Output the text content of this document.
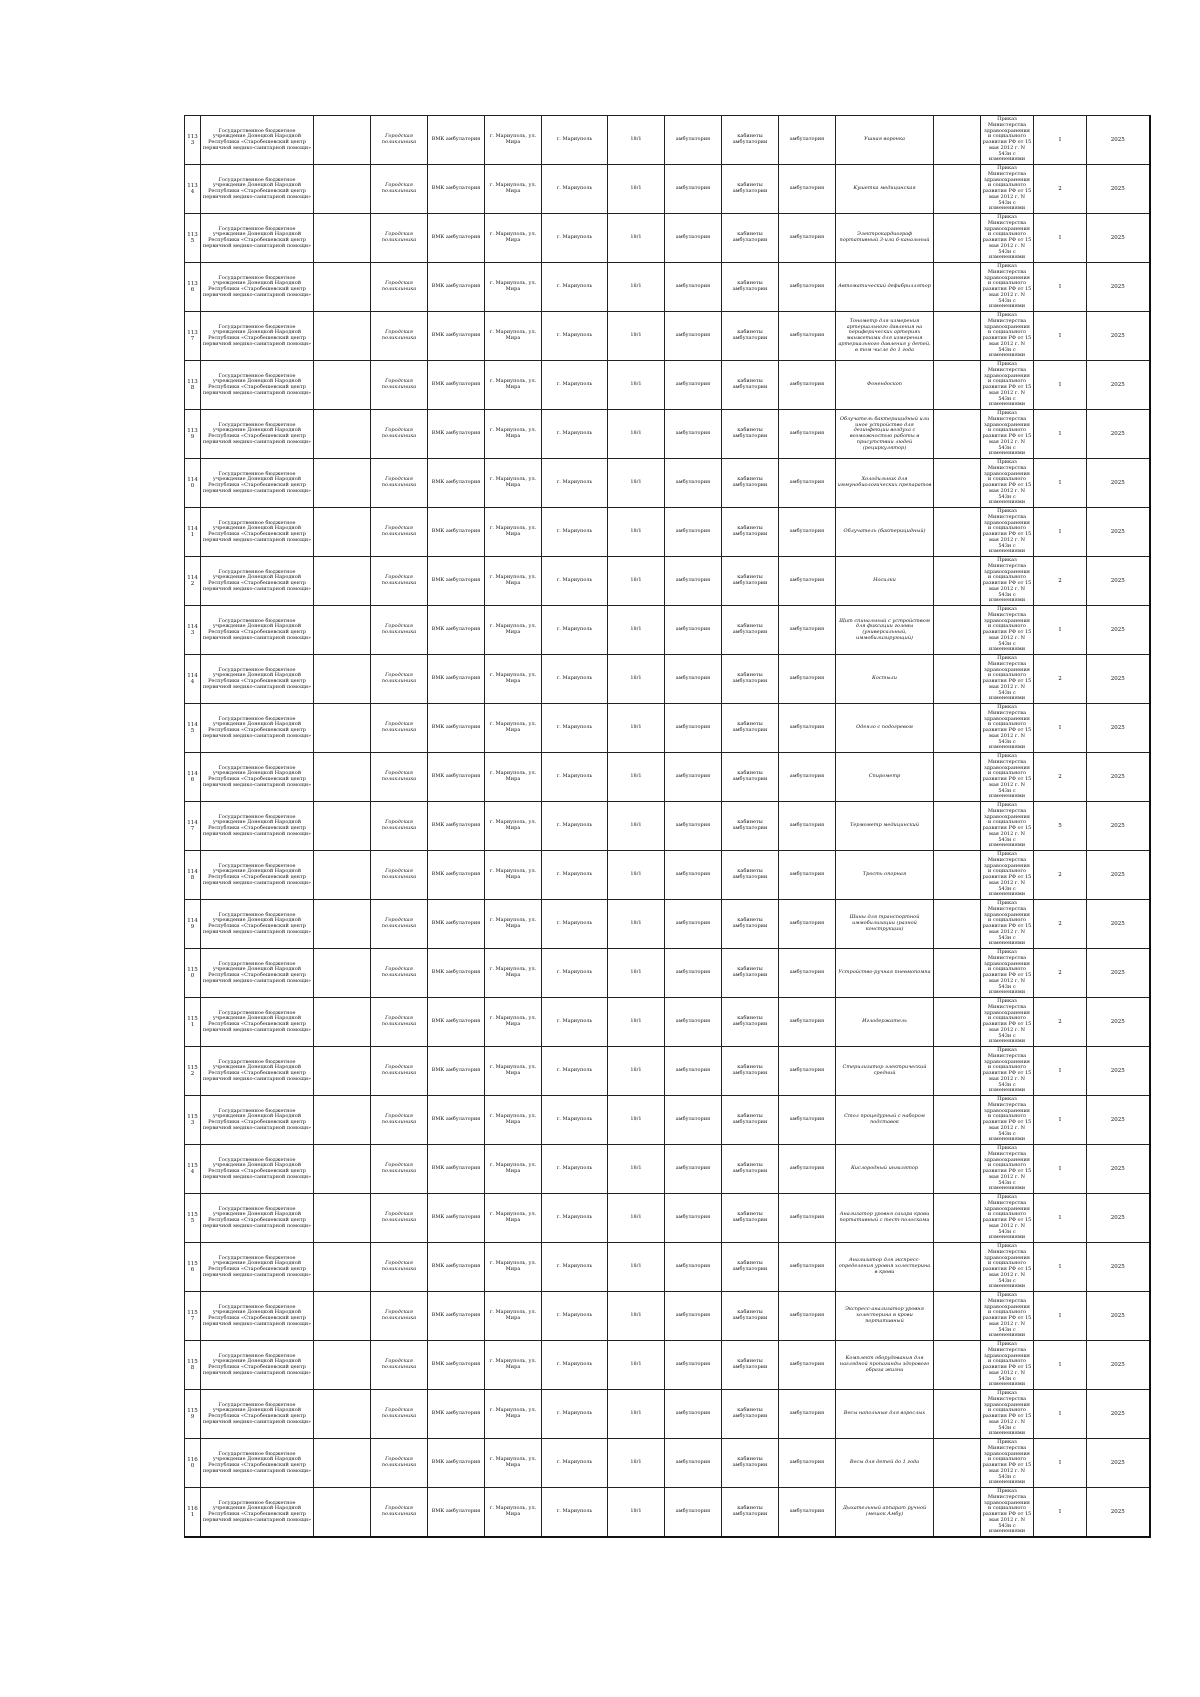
1133	Государственное бюджетное учреждение Донецкой Народной Республики «Старобешевский центр первичной медико-санитарной помощи»		Городская поликлиника	ВМК амбулатория	г. Мариуполь, ул. Мира	г. Мариуполь	18/1	амбулатория	кабинеты амбулатории	амбулатория	Ушная воронка		Приказ Министерства здравоохранения и социального развития РФ от 15 мая 2012 г. N 543н с изменениями	1	2025
1134	Государственное бюджетное учреждение Донецкой Народной Республики «Старобешевский центр первичной медико-санитарной помощи»		Городская поликлиника	ВМК амбулатория	г. Мариуполь, ул. Мира	г. Мариуполь	18/1	амбулатория	кабинеты амбулатории	амбулатория	Кушетка медицинская		Приказ Министерства здравоохранения и социального развития РФ от 15 мая 2012 г. N 543н с изменениями	2	2025
1135	Государственное бюджетное учреждение Донецкой Народной Республики «Старобешевский центр первичной медико-санитарной помощи»		Городская поликлиника	ВМК амбулатория	г. Мариуполь, ул. Мира	г. Мариуполь	18/1	амбулатория	кабинеты амбулатории	амбулатория	Электрокардиограф портативный 3-или 6-канальный		Приказ Министерства здравоохранения и социального развития РФ от 15 мая 2012 г. N 543н с изменениями	1	2025
1136	Государственное бюджетное учреждение Донецкой Народной Республики «Старобешевский центр первичной медико-санитарной помощи»		Городская поликлиника	ВМК амбулатория	г. Мариуполь, ул. Мира	г. Мариуполь	18/1	амбулатория	кабинеты амбулатории	амбулатория	Автоматический дефибриллятор		Приказ Министерства здравоохранения и социального развития РФ от 15 мая 2012 г. N 543н с изменениями	1	2025
1137	Государственное бюджетное учреждение Донецкой Народной Республики «Старобешевский центр первичной медико-санитарной помощи»		Городская поликлиника	ВМК амбулатория	г. Мариуполь, ул. Мира	г. Мариуполь	18/1	амбулатория	кабинеты амбулатории	амбулатория	Тонометр для измерения артериального давления на периферических артериях манжетами для измерения артериального давления у детей, в том числе до 1 года		Приказ Министерства здравоохранения и социального развития РФ от 15 мая 2012 г. N 543н с изменениями	1	2025
1138	Государственное бюджетное учреждение Донецкой Народной Республики «Старобешевский центр первичной медико-санитарной помощи»		Городская поликлиника	ВМК амбулатория	г. Мариуполь, ул. Мира	г. Мариуполь	18/1	амбулатория	кабинеты амбулатории	амбулатория	Фонендоскоп		Приказ Министерства здравоохранения и социального развития РФ от 15 мая 2012 г. N 543н с изменениями	1	2025
1139	Государственное бюджетное учреждение Донецкой Народной Республики «Старобешевский центр первичной медико-санитарной помощи»		Городская поликлиника	ВМК амбулатория	г. Мариуполь, ул. Мира	г. Мариуполь	18/1	амбулатория	кабинеты амбулатории	амбулатория	Облучатель бактерицидный или иное устройство для дезинфекции воздуха с возможностью работы в присутствии людей (рециркулятор)		Приказ Министерства здравоохранения и социального развития РФ от 15 мая 2012 г. N 543н с изменениями	1	2025
1140	Государственное бюджетное учреждение Донецкой Народной Республики «Старобешевский центр первичной медико-санитарной помощи»		Городская поликлиника	ВМК амбулатория	г. Мариуполь, ул. Мира	г. Мариуполь	18/1	амбулатория	кабинеты амбулатории	амбулатория	Холодильник для иммунобиологических препаратов		Приказ Министерства здравоохранения и социального развития РФ от 15 мая 2012 г. N 543н с изменениями	1	2025
1141	Государственное бюджетное учреждение Донецкой Народной Республики «Старобешевский центр первичной медико-санитарной помощи»		Городская поликлиника	ВМК амбулатория	г. Мариуполь, ул. Мира	г. Мариуполь	18/1	амбулатория	кабинеты амбулатории	амбулатория	Облучатель (бактерицидный)		Приказ Министерства здравоохранения и социального развития РФ от 15 мая 2012 г. N 543н с изменениями	1	2025
1142	Государственное бюджетное учреждение Донецкой Народной Республики «Старобешевский центр первичной медико-санитарной помощи»		Городская поликлиника	ВМК амбулатория	г. Мариуполь, ул. Мира	г. Мариуполь	18/1	амбулатория	кабинеты амбулатории	амбулатория	Носилки		Приказ Министерства здравоохранения и социального развития РФ от 15 мая 2012 г. N 543н с изменениями	2	2025
1143	Государственное бюджетное учреждение Донецкой Народной Республики «Старобешевский центр первичной медико-санитарной помощи»		Городская поликлиника	ВМК амбулатория	г. Мариуполь, ул. Мира	г. Мариуполь	18/1	амбулатория	кабинеты амбулатории	амбулатория	Щит спинальный с устройством для фиксации головы (универсальный, иммобилизирующий)		Приказ Министерства здравоохранения и социального развития РФ от 15 мая 2012 г. N 543н с изменениями	1	2025
1144	Государственное бюджетное учреждение Донецкой Народной Республики «Старобешевский центр первичной медико-санитарной помощи»		Городская поликлиника	ВМК амбулатория	г. Мариуполь, ул. Мира	г. Мариуполь	18/1	амбулатория	кабинеты амбулатории	амбулатория	Костыли		Приказ Министерства здравоохранения и социального развития РФ от 15 мая 2012 г. N 543н с изменениями	2	2025
1145	Государственное бюджетное учреждение Донецкой Народной Республики «Старобешевский центр первичной медико-санитарной помощи»		Городская поликлиника	ВМК амбулатория	г. Мариуполь, ул. Мира	г. Мариуполь	18/1	амбулатория	кабинеты амбулатории	амбулатория	Одеяло с подогревом		Приказ Министерства здравоохранения и социального развития РФ от 15 мая 2012 г. N 543н с изменениями	1	2025
1146	Государственное бюджетное учреждение Донецкой Народной Республики «Старобешевский центр первичной медико-санитарной помощи»		Городская поликлиника	ВМК амбулатория	г. Мариуполь, ул. Мира	г. Мариуполь	18/1	амбулатория	кабинеты амбулатории	амбулатория	Спирометр		Приказ Министерства здравоохранения и социального развития РФ от 15 мая 2012 г. N 543н с изменениями	2	2025
1147	Государственное бюджетное учреждение Донецкой Народной Республики «Старобешевский центр первичной медико-санитарной помощи»		Городская поликлиника	ВМК амбулатория	г. Мариуполь, ул. Мира	г. Мариуполь	18/1	амбулатория	кабинеты амбулатории	амбулатория	Термометр медицинский		Приказ Министерства здравоохранения и социального развития РФ от 15 мая 2012 г. N 543н с изменениями	5	2025
1148	Государственное бюджетное учреждение Донецкой Народной Республики «Старобешевский центр первичной медико-санитарной помощи»		Городская поликлиника	ВМК амбулатория	г. Мариуполь, ул. Мира	г. Мариуполь	18/1	амбулатория	кабинеты амбулатории	амбулатория	Трость опорная		Приказ Министерства здравоохранения и социального развития РФ от 15 мая 2012 г. N 543н с изменениями	2	2025
1149	Государственное бюджетное учреждение Донецкой Народной Республики «Старобешевский центр первичной медико-санитарной помощи»		Городская поликлиника	ВМК амбулатория	г. Мариуполь, ул. Мира	г. Мариуполь	18/1	амбулатория	кабинеты амбулатории	амбулатория	Шины для транспортной иммобилизации (разной конструкции)		Приказ Министерства здравоохранения и социального развития РФ от 15 мая 2012 г. N 543н с изменениями	2	2025
1150	Государственное бюджетное учреждение Донецкой Народной Республики «Старобешевский центр первичной медико-санитарной помощи»		Городская поликлиника	ВМК амбулатория	г. Мариуполь, ул. Мира	г. Мариуполь	18/1	амбулатория	кабинеты амбулатории	амбулатория	Устройство-ручная пневмопомпа		Приказ Министерства здравоохранения и социального развития РФ от 15 мая 2012 г. N 543н с изменениями	2	2025
1151	Государственное бюджетное учреждение Донецкой Народной Республики «Старобешевский центр первичной медико-санитарной помощи»		Городская поликлиника	ВМК амбулатория	г. Мариуполь, ул. Мира	г. Мариуполь	18/1	амбулатория	кабинеты амбулатории	амбулатория	Иглодержатель		Приказ Министерства здравоохранения и социального развития РФ от 15 мая 2012 г. N 543н с изменениями	2	2025
1152	Государственное бюджетное учреждение Донецкой Народной Республики «Старобешевский центр первичной медико-санитарной помощи»		Городская поликлиника	ВМК амбулатория	г. Мариуполь, ул. Мира	г. Мариуполь	18/1	амбулатория	кабинеты амбулатории	амбулатория	Стерилизатор электрический средний		Приказ Министерства здравоохранения и социального развития РФ от 15 мая 2012 г. N 543н с изменениями	1	2025
1153	Государственное бюджетное учреждение Донецкой Народной Республики «Старобешевский центр первичной медико-санитарной помощи»		Городская поликлиника	ВМК амбулатория	г. Мариуполь, ул. Мира	г. Мариуполь	18/1	амбулатория	кабинеты амбулатории	амбулатория	Стол процедурный с набором подставок		Приказ Министерства здравоохранения и социального развития РФ от 15 мая 2012 г. N 543н с изменениями	1	2025
1154	Государственное бюджетное учреждение Донецкой Народной Республики «Старобешевский центр первичной медико-санитарной помощи»		Городская поликлиника	ВМК амбулатория	г. Мариуполь, ул. Мира	г. Мариуполь	18/1	амбулатория	кабинеты амбулатории	амбулатория	Кислородный ингалятор		Приказ Министерства здравоохранения и социального развития РФ от 15 мая 2012 г. N 543н с изменениями	1	2025
1155	Государственное бюджетное учреждение Донецкой Народной Республики «Старобешевский центр первичной медико-санитарной помощи»		Городская поликлиника	ВМК амбулатория	г. Мариуполь, ул. Мира	г. Мариуполь	18/1	амбулатория	кабинеты амбулатории	амбулатория	Анализатор уровня сахара крови портативный с тест-полосками		Приказ Министерства здравоохранения и социального развития РФ от 15 мая 2012 г. N 543н с изменениями	1	2025
1156	Государственное бюджетное учреждение Донецкой Народной Республики «Старобешевский центр первичной медико-санитарной помощи»		Городская поликлиника	ВМК амбулатория	г. Мариуполь, ул. Мира	г. Мариуполь	18/1	амбулатория	кабинеты амбулатории	амбулатория	Анализатор для экспресс-определения уровня холестерина в крови		Приказ Министерства здравоохранения и социального развития РФ от 15 мая 2012 г. N 543н с изменениями	1	2025
1157	Государственное бюджетное учреждение Донецкой Народной Республики «Старобешевский центр первичной медико-санитарной помощи»		Городская поликлиника	ВМК амбулатория	г. Мариуполь, ул. Мира	г. Мариуполь	18/1	амбулатория	кабинеты амбулатории	амбулатория	Экспресс-анализатор уровня холестерина в крови портативный		Приказ Министерства здравоохранения и социального развития РФ от 15 мая 2012 г. N 543н с изменениями	1	2025
1158	Государственное бюджетное учреждение Донецкой Народной Республики «Старобешевский центр первичной медико-санитарной помощи»		Городская поликлиника	ВМК амбулатория	г. Мариуполь, ул. Мира	г. Мариуполь	18/1	амбулатория	кабинеты амбулатории	амбулатория	Комплект оборудования для наглядной пропаганды здорового образа жизни		Приказ Министерства здравоохранения и социального развития РФ от 15 мая 2012 г. N 543н с изменениями	1	2025
1159	Государственное бюджетное учреждение Донецкой Народной Республики «Старобешевский центр первичной медико-санитарной помощи»		Городская поликлиника	ВМК амбулатория	г. Мариуполь, ул. Мира	г. Мариуполь	18/1	амбулатория	кабинеты амбулатории	амбулатория	Весы напольные для взрослых		Приказ Министерства здравоохранения и социального развития РФ от 15 мая 2012 г. N 543н с изменениями	1	2025
1160	Государственное бюджетное учреждение Донецкой Народной Республики «Старобешевский центр первичной медико-санитарной помощи»		Городская поликлиника	ВМК амбулатория	г. Мариуполь, ул. Мира	г. Мариуполь	18/1	амбулатория	кабинеты амбулатории	амбулатория	Весы для детей до 1 года		Приказ Министерства здравоохранения и социального развития РФ от 15 мая 2012 г. N 543н с изменениями	1	2025
1161	Государственное бюджетное учреждение Донецкой Народной Республики «Старобешевский центр первичной медико-санитарной помощи»		Городская поликлиника	ВМК амбулатория	г. Мариуполь, ул. Мира	г. Мариуполь	18/1	амбулатория	кабинеты амбулатории	амбулатория	Дыхательный аппарат ручной (мешок Амбу)		Приказ Министерства здравоохранения и социального развития РФ от 15 мая 2012 г. N 543н с изменениями	1	2025
